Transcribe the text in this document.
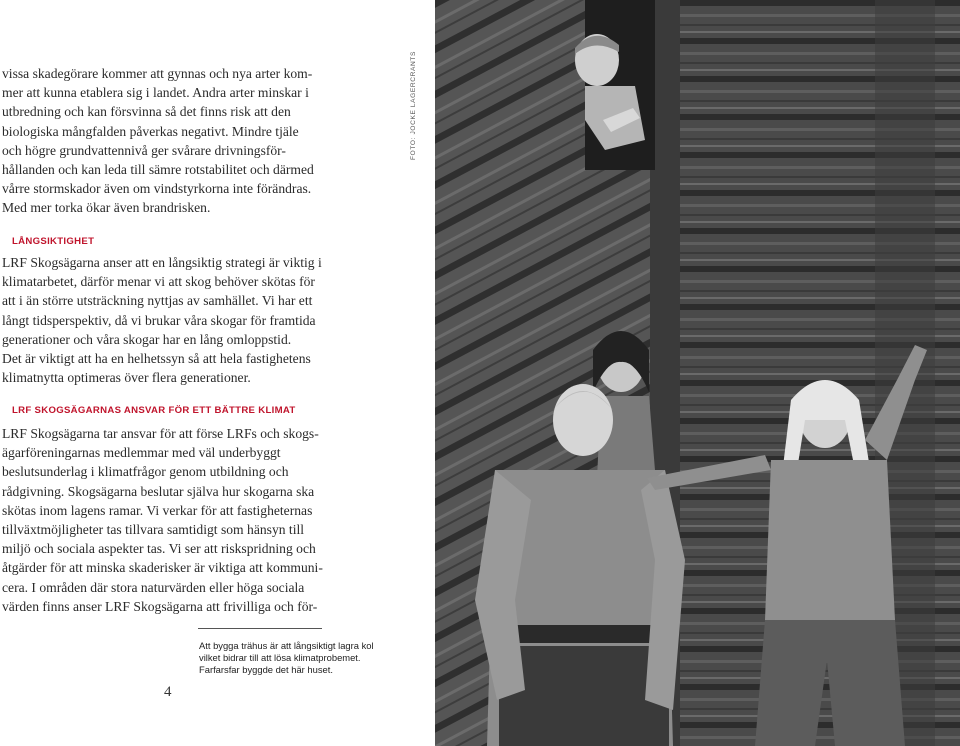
vissa skadegörare kommer att gynnas och nya arter kom-
mer att kunna etablera sig i landet. Andra arter minskar i
utbredning och kan försvinna så det finns risk att den
biologiska mångfalden påverkas negativt. Mindre tjäle
och högre grundvattennivå ger svårare drivningsför-
hållanden och kan leda till sämre rotstabilitet och därmed
vårre stormskador även om vindstyrkorna inte förändras.
Med mer torka ökar även brandrisken.

LÅNGSIKTIGHET

LRF Skogsägarna anser att en långsiktig strategi är viktig i
klimatarbetet, därför menar vi att skog behöver skötas för
att i än större utsträckning nyttjas av samhället. Vi har ett
långt tidsperspektiv, då vi brukar våra skogar för framtida
generationer och våra skogar har en lång omloppstid.
Det är viktigt att ha en helhetssyn så att hela fastighetens
klimatnytta optimeras över flera generationer.

LRF SKOGSÄGARNAS ANSVAR FÖR ETT BÄTTRE KLIMAT

LRF Skogsägarna tar ansvar för att förse LRFs och skogs-
ägarföreningarnas medlemmar med väl underbyggt
beslutsunderlag i klimatfrågor genom utbildning och
rådgivning. Skogsägarna beslutar själva hur skogarna ska
skötas inom lagens ramar. Vi verkar för att fastigheternas
tillväxtmöjligheter tas tillvara samtidigt som hänsyn till
miljö och sociala aspekter tas. Vi ser att riskspridning och
åtgärder för att minska skaderisker är viktiga att kommuni-
cera. I områden där stora naturvärden eller höga sociala
värden finns anser LRF Skogsägarna att frivilliga och för-

Att bygga trähus är att långsiktigt lagra kol
vilket bidrar till att lösa klimatprobemet.
Farfarsfar byggde det här huset.

4
FOTO: JOCKE LAGERCRANTS
